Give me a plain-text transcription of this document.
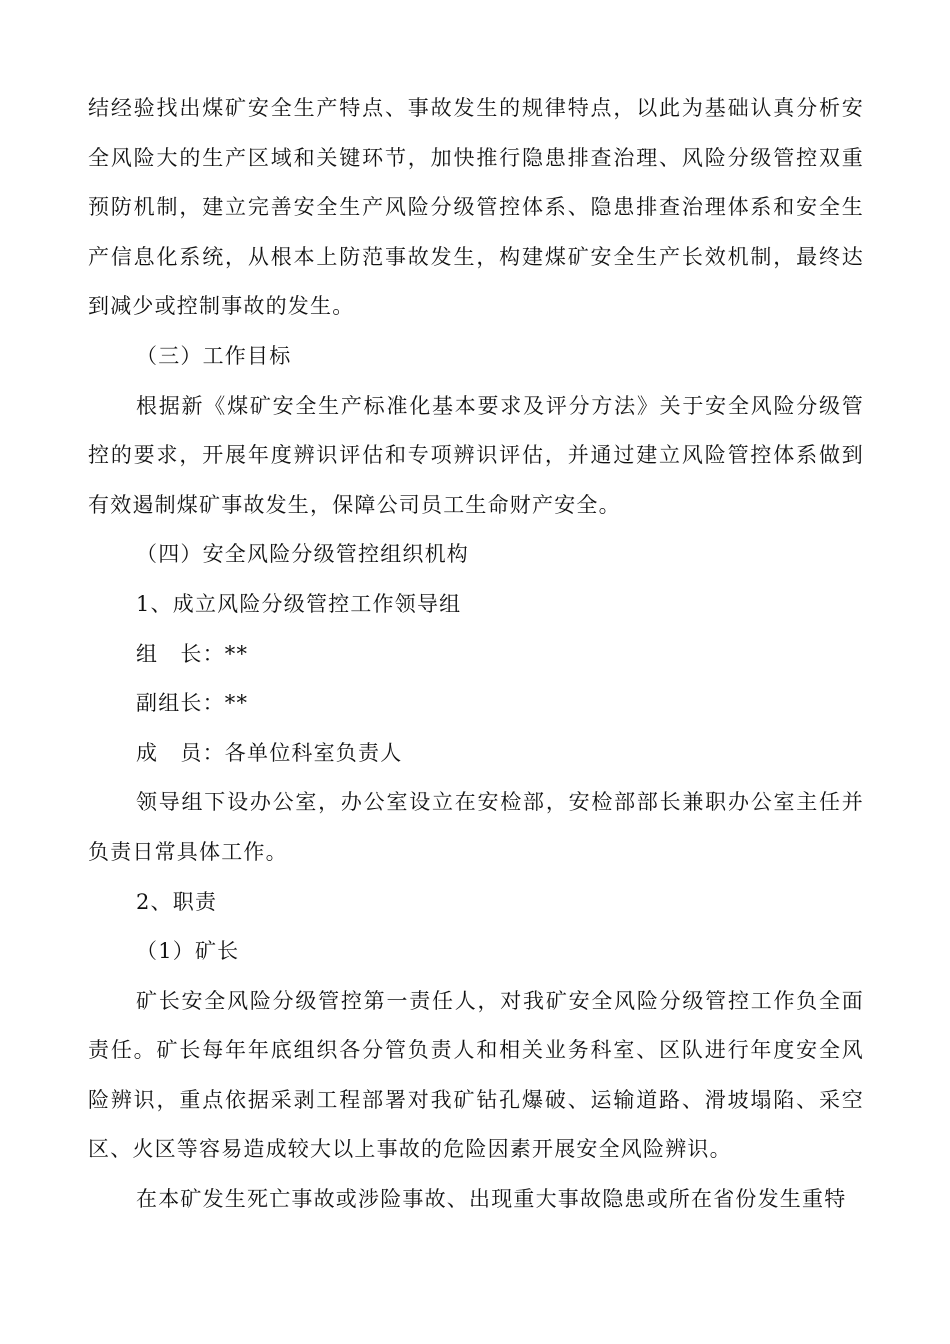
结经验找出煤矿安全生产特点、事故发生的规律特点，以此为基础认真分析安全风险大的生产区域和关键环节，加快推行隐患排查治理、风险分级管控双重预防机制，建立完善安全生产风险分级管控体系、隐患排查治理体系和安全生产信息化系统，从根本上防范事故发生，构建煤矿安全生产长效机制，最终达到减少或控制事故的发生。

（三）工作目标

根据新《煤矿安全生产标准化基本要求及评分方法》关于安全风险分级管控的要求，开展年度辨识评估和专项辨识评估，并通过建立风险管控体系做到有效遏制煤矿事故发生，保障公司员工生命财产安全。

（四）安全风险分级管控组织机构

1、成立风险分级管控工作领导组

组　长：**

副组长：**

成　员：各单位科室负责人

领导组下设办公室，办公室设立在安检部，安检部部长兼职办公室主任并负责日常具体工作。

2、职责

（1）矿长

矿长安全风险分级管控第一责任人，对我矿安全风险分级管控工作负全面责任。矿长每年年底组织各分管负责人和相关业务科室、区队进行年度安全风险辨识，重点依据采剥工程部署对我矿钻孔爆破、运输道路、滑坡塌陷、采空区、火区等容易造成较大以上事故的危险因素开展安全风险辨识。

在本矿发生死亡事故或涉险事故、出现重大事故隐患或所在省份发生重特
